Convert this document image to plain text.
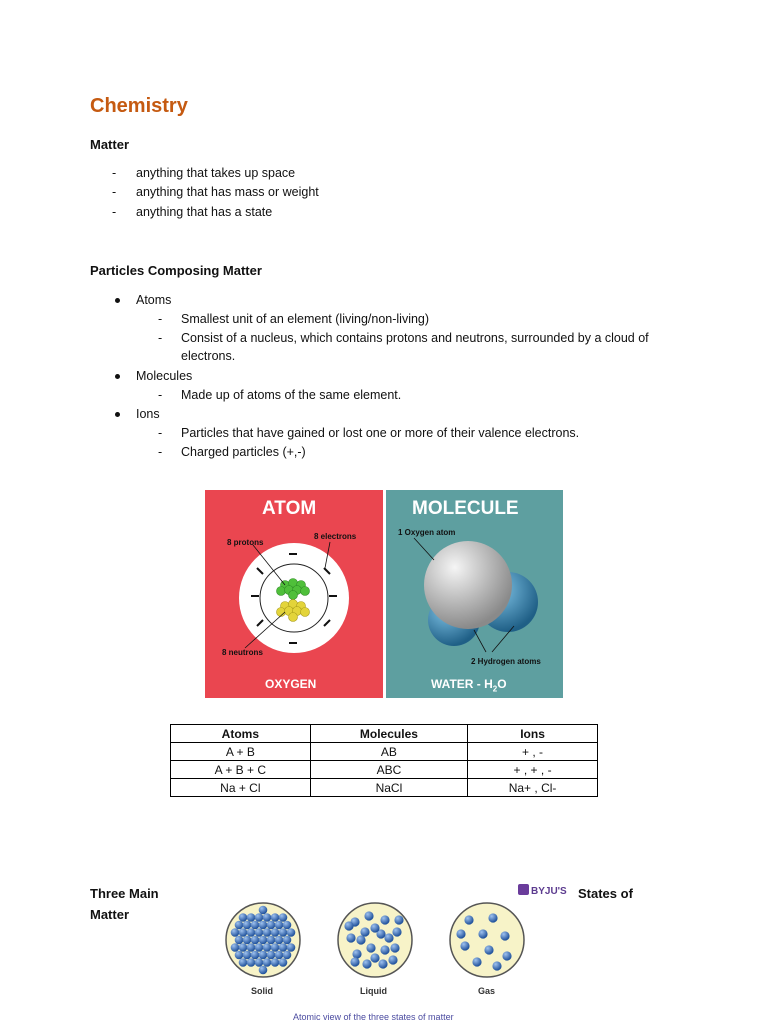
Chemistry
Matter
- anything that takes up space
- anything that has mass or weight
- anything that has a state
Particles Composing Matter
Atoms
- Smallest unit of an element (living/non-living)
- Consist of a nucleus, which contains protons and neutrons, surrounded by a cloud of
electrons.
Molecules
- Made up of atoms of the same element.
Ions
- Particles that have gained or lost one or more of their valence electrons.
- Charged particles (+,-)
ATOM	MOLECULE
8 protons
8 electrons
8 neutrons
OXYGEN
1 Oxygen atom
2 Hydrogen atoms
WATER - $H_2O$
Atoms	Molecules	Ions
A + B	AB	+ , -
A + B + C	ABC	+ , + , -
Na + Cl	NaCl	Na+ , Cl-
Three Main
Matter
States of
BYJU'S
Solid	Liquid	Gas
Atomic view of the three states of matter
